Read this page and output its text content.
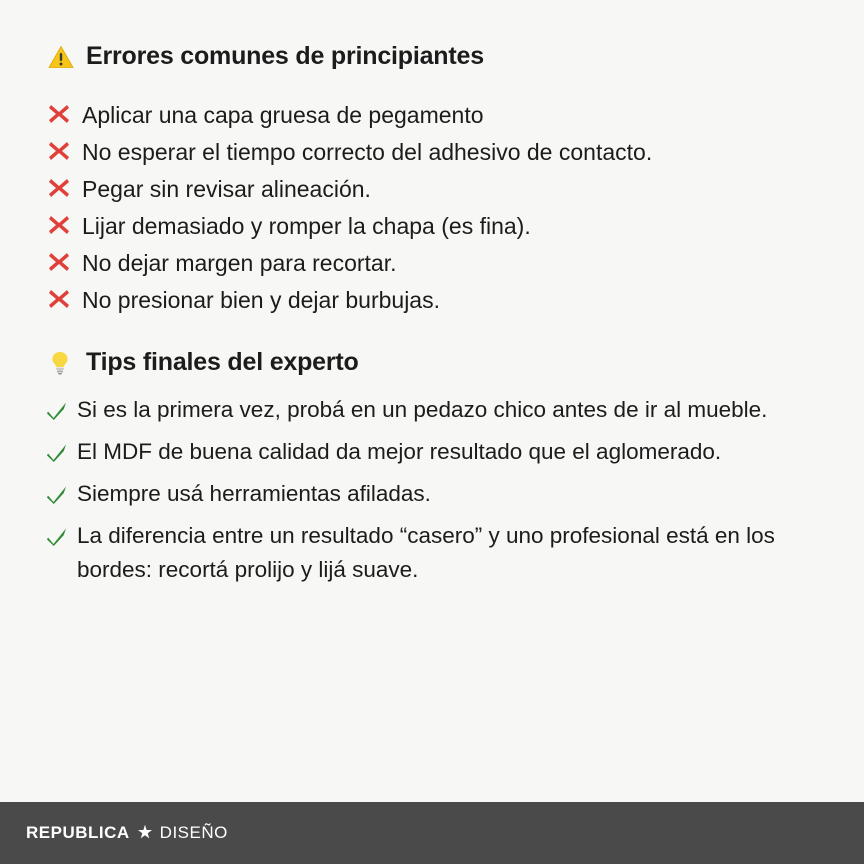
Errores comunes de principiantes
Aplicar una capa gruesa de pegamento
No esperar el tiempo correcto del adhesivo de contacto.
Pegar sin revisar alineación.
Lijar demasiado y romper la chapa (es fina).
No dejar margen para recortar.
No presionar bien y dejar burbujas.
Tips finales del experto
Si es la primera vez, probá en un pedazo chico antes de ir al mueble.
El MDF de buena calidad da mejor resultado que el aglomerado.
Siempre usá herramientas afiladas.
La diferencia entre un resultado “casero” y uno profesional está en los bordes: recortá prolijo y lijá suave.
REPUBLICA DISEÑO
